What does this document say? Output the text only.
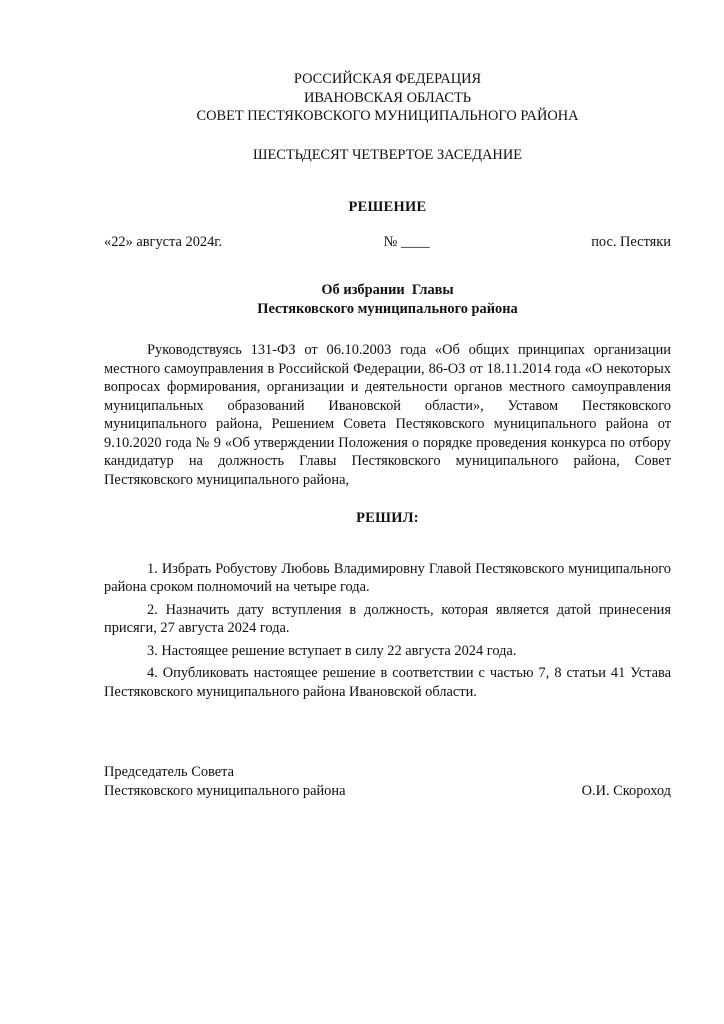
РОССИЙСКАЯ ФЕДЕРАЦИЯ
ИВАНОВСКАЯ ОБЛАСТЬ
СОВЕТ ПЕСТЯКОВСКОГО МУНИЦИПАЛЬНОГО РАЙОНА
ШЕСТЬДЕСЯТ ЧЕТВЕРТОЕ ЗАСЕДАНИЕ
РЕШЕНИЕ
«22» августа 2024г.	№ ____	пос. Пестяки
Об избрании  Главы
Пестяковского муниципального района

Руководствуясь 131-ФЗ от 06.10.2003 года «Об общих принципах организации местного самоуправления в Российской Федерации, 86-ОЗ от 18.11.2014 года «О некоторых вопросах формирования, организации и деятельности органов местного самоуправления муниципальных образований Ивановской области», Уставом Пестяковского муниципального района, Решением Совета Пестяковского муниципального района от 9.10.2020 года № 9 «Об утверждении Положения о порядке проведения конкурса по отбору кандидатур на должность Главы Пестяковского муниципального района, Совет Пестяковского муниципального района,

РЕШИЛ:

1. Избрать Робустову Любовь Владимировну Главой Пестяковского муниципального района сроком полномочий на четыре года.

2. Назначить дату вступления в должность, которая является датой принесения присяги, 27 августа 2024 года.

3. Настоящее решение вступает в силу 22 августа 2024 года.

4. Опубликовать настоящее решение в соответствии с частью 7, 8 статьи 41 Устава Пестяковского муниципального района Ивановской области.

Председатель Совета
Пестяковского муниципального района	О.И. Скороход
